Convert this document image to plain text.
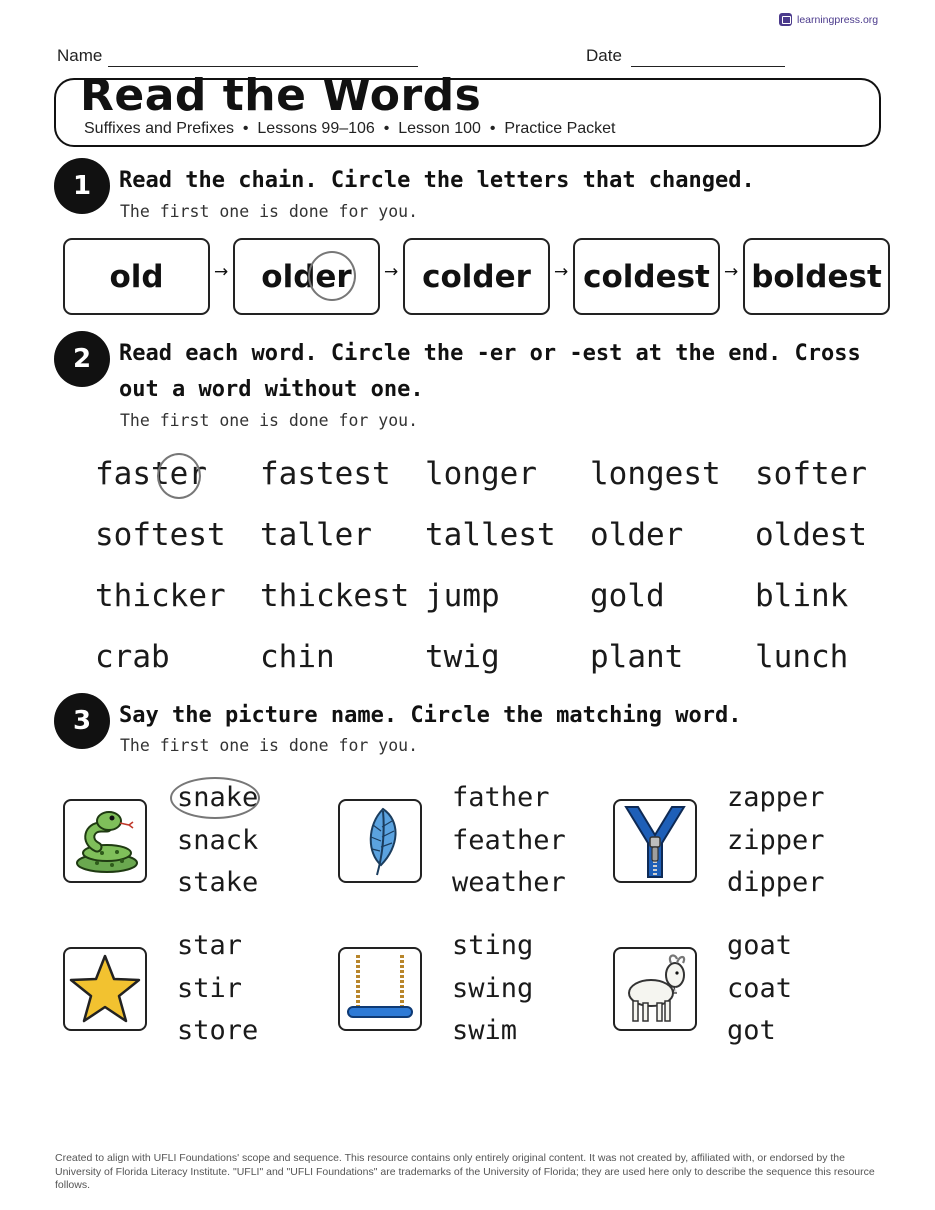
learningpress.org
Name	Date
Read the Words
Suffixes and Prefixes  •  Lessons 99–106  •  Lesson 100  •  Practice Packet
1	Read the chain. Circle the letters that changed.
The first one is done for you.
old	→ older → colder → coldest → boldest
2	Read each word. Circle the -er or -est at the end. Cross out a word without one.
The first one is done for you.
faster fastest longer longest softer
softest taller tallest older oldest
thicker thickest jump	gold	blink
crab	chin	twig	plant lunch
3	Say the picture name. Circle the matching word.
The first one is done for you.
snake
snack
stake
father
feather
weather
zapper
zipper
dipper
star
stir
store
sting
swing
swim
goat
coat
got
Created to align with UFLI Foundations' scope and sequence. This resource contains only entirely original content. It was not created by, affiliated with, or endorsed by the University of Florida Literacy Institute. "UFLI" and "UFLI Foundations" are trademarks of the University of Florida; they are used here only to describe the sequence this resource follows.
